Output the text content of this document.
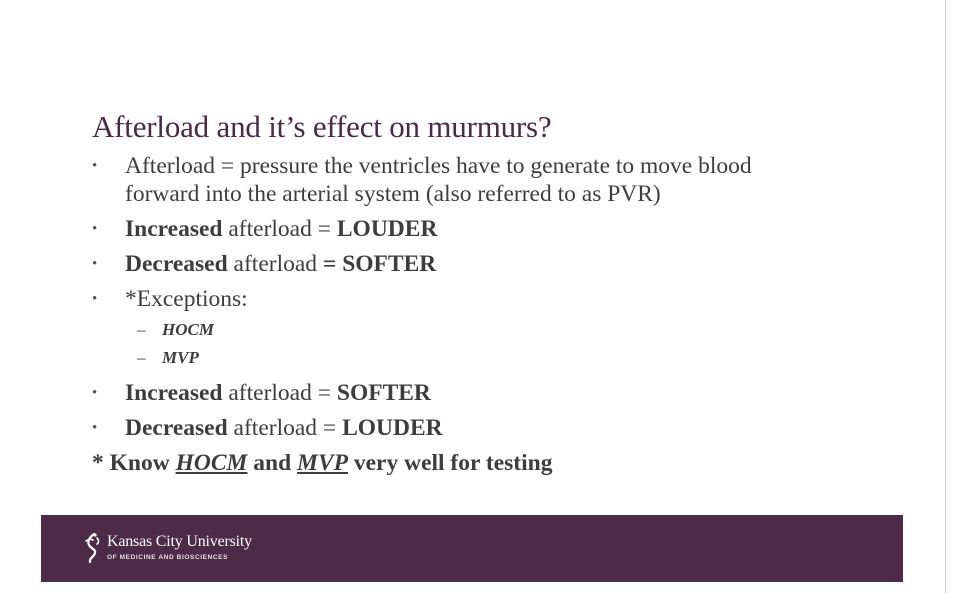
Afterload and it’s effect on murmurs?
• Afterload = pressure the ventricles have to generate to move blood
forward into the arterial system (also referred to as PVR)
• Increased afterload = LOUDER
• Decreased afterload = SOFTER
• *Exceptions:
– HOCM
– MVP
• Increased afterload = SOFTER
• Decreased afterload = LOUDER
* Know HOCM and MVP very well for testing
Kansas City University
OF MEDICINE AND BIOSCIENCES
